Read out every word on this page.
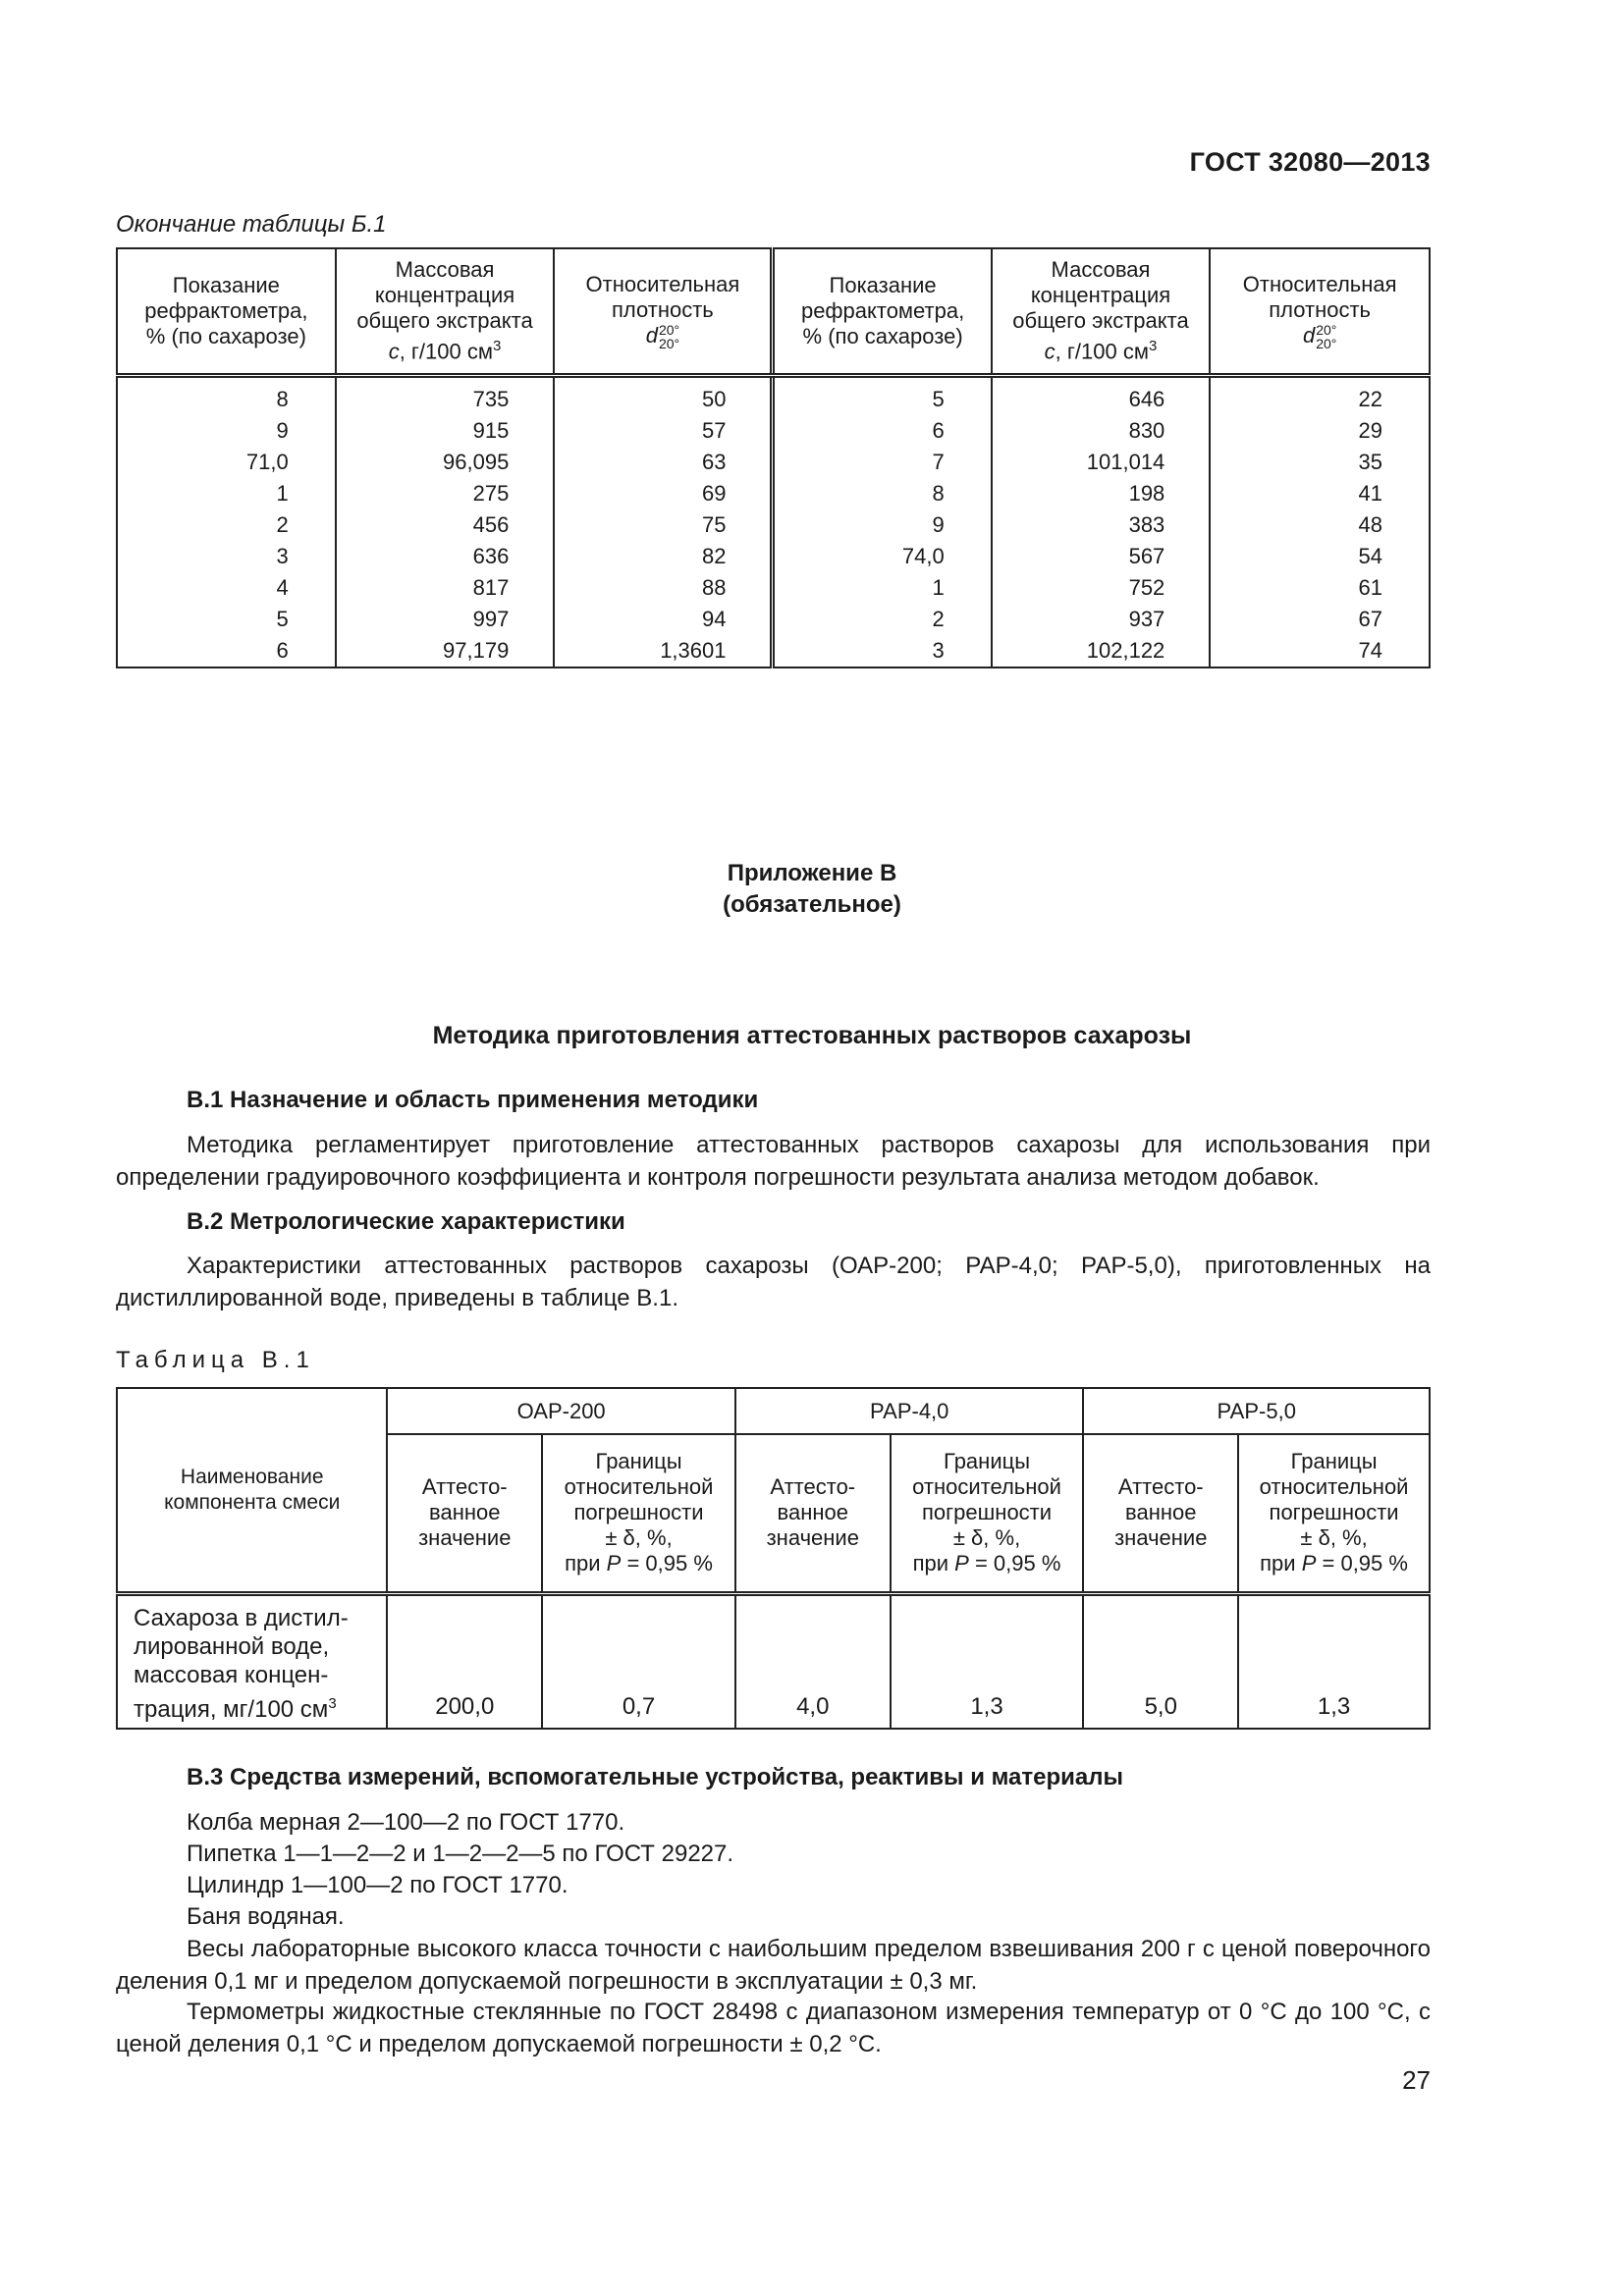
ГОСТ 32080—2013
Окончание таблицы Б.1
Показание
рефрактометра,
% (по сахарозе)	Массовая
концентрация
общего экстракта
c, г/100 $см^3$	Относительная
плотность
d20°
20°	Показание
рефрактометра,
% (по сахарозе)	Массовая
концентрация
общего экстракта
c, г/100 $см^3$	Относительная
плотность
d20°
20°
8	735	50	5	646	22
9	915	57	6	830	29
71,0	96,095	63	7	101,014	35
1	275	69	8	198	41
2	456	75	9	383	48
3	636	82	74,0	567	54
4	817	88	1	752	61
5	997	94	2	937	67
6	97,179	1,3601	3	102,122	74
Приложение В
(обязательное)
Методика приготовления аттестованных растворов сахарозы
В.1 Назначение и область применения методики
Методика регламентирует приготовление аттестованных растворов сахарозы для использования при определении градуировочного коэффициента и контроля погрешности результата анализа методом добавок.
В.2 Метрологические характеристики
Характеристики аттестованных растворов сахарозы (ОАР-200; РАР-4,0; РАР-5,0), приготовленных на дистиллированной воде, приведены в таблице В.1.
Таблица В.1
Наименование
компонента смеси	ОАР-200		РАР-4,0		РАР-5,0	
	Аттесто-
ванное
значение	Границы
относительной
погрешности
± δ, %,
при P = 0,95 %	Аттесто-
ванное
значение	Границы
относительной
погрешности
± δ, %,
при P = 0,95 %	Аттесто-
ванное
значение	Границы
относительной
погрешности
± δ, %,
при P = 0,95 %
Сахароза в дистил-
лированной воде,
массовая концен-
трация, мг/100 $см^3$	200,0	0,7	4,0	1,3	5,0	1,3
В.3 Средства измерений, вспомогательные устройства, реактивы и материалы
Колба мерная 2—100—2 по ГОСТ 1770.
Пипетка 1—1—2—2 и 1—2—2—5 по ГОСТ 29227.
Цилиндр 1—100—2 по ГОСТ 1770.
Баня водяная.
Весы лабораторные высокого класса точности с наибольшим пределом взвешивания 200 г с ценой поверочного деления 0,1 мг и пределом допускаемой погрешности в эксплуатации ± 0,3 мг.
Термометры жидкостные стеклянные по ГОСТ 28498 с диапазоном измерения температур от 0 °С до 100 °С, с ценой деления 0,1 °С и пределом допускаемой погрешности ± 0,2 °С.
27
